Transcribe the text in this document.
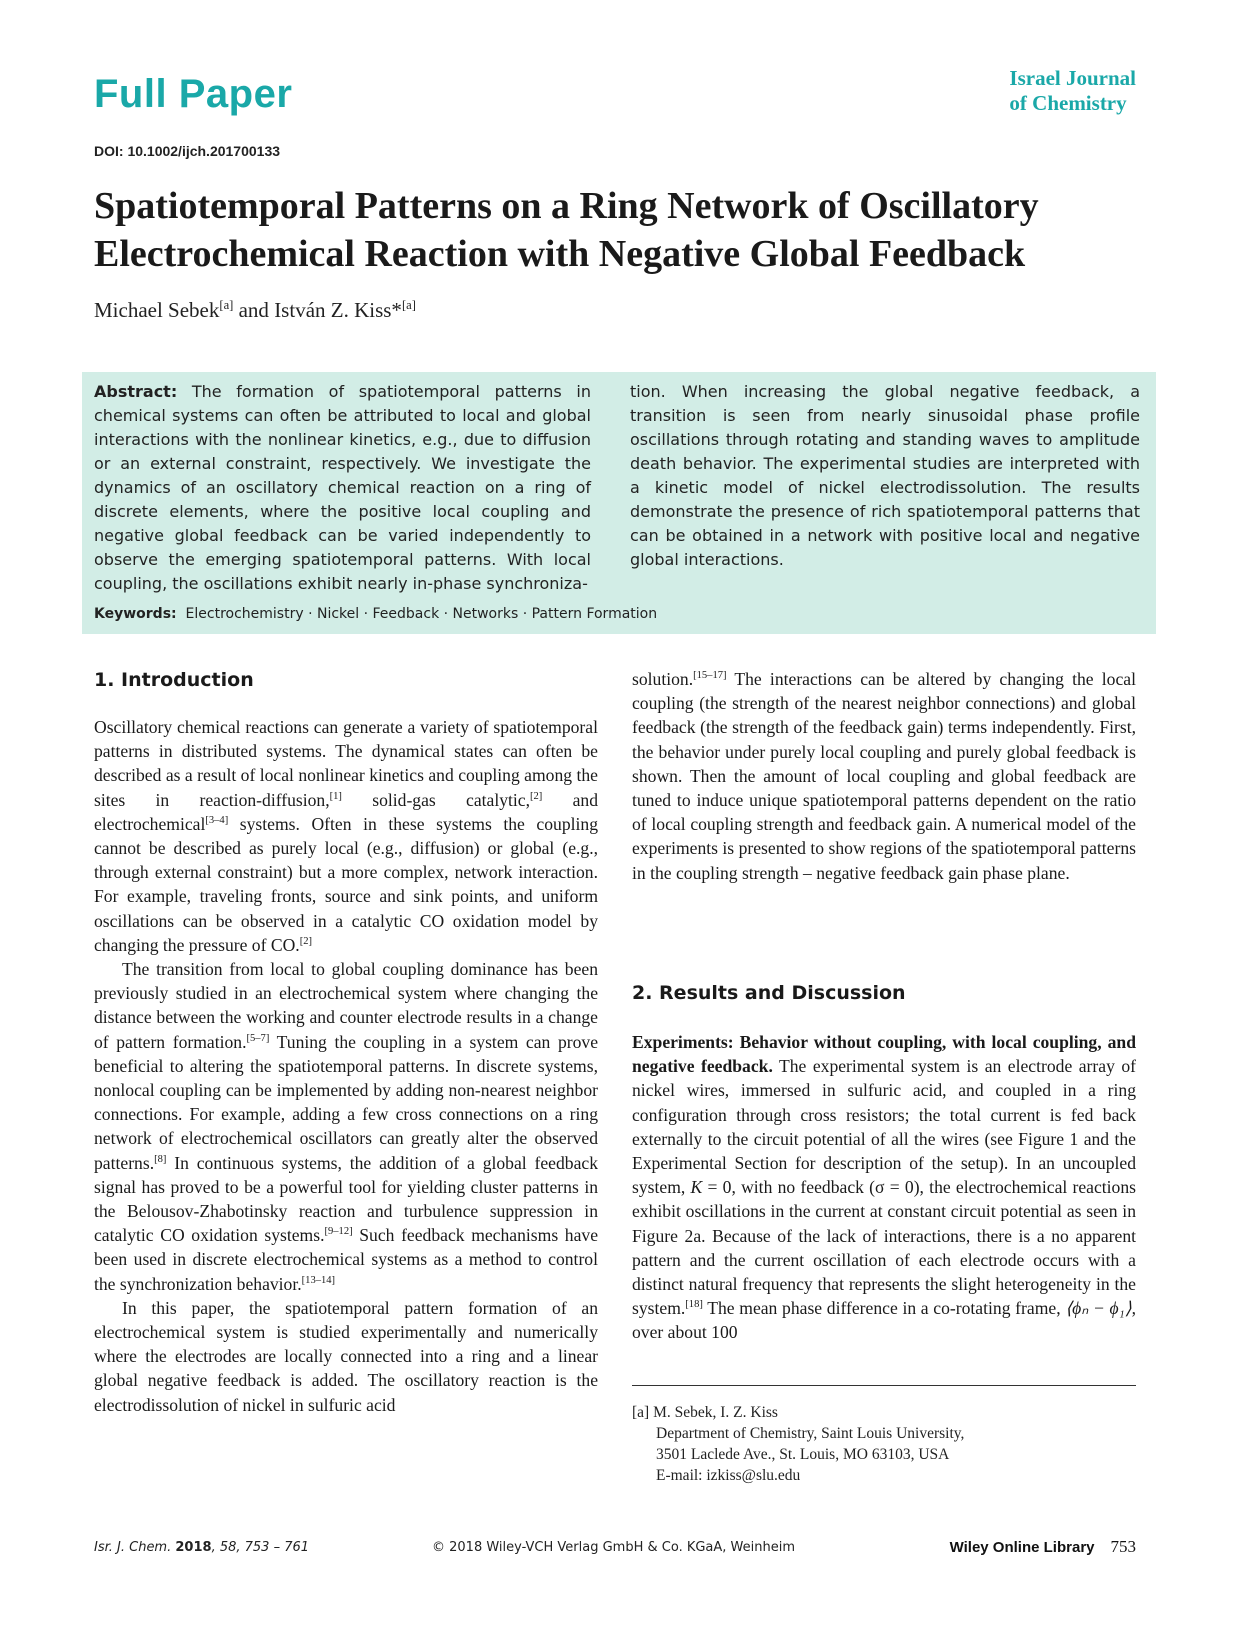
Full Paper	Israel Journal
of Chemistry
DOI: 10.1002/ijch.201700133
Spatiotemporal Patterns on a Ring Network of Oscillatory Electrochemical Reaction with Negative Global Feedback
Michael Sebek[a] and István Z. Kiss*[a]
Abstract: The formation of spatiotemporal patterns in chemical systems can often be attributed to local and global interactions with the nonlinear kinetics, e.g., due to diffusion or an external constraint, respectively. We investigate the dynamics of an oscillatory chemical reaction on a ring of discrete elements, where the positive local coupling and negative global feedback can be varied independently to observe the emerging spatiotemporal patterns. With local coupling, the oscillations exhibit nearly in-phase synchroniza-
tion. When increasing the global negative feedback, a transition is seen from nearly sinusoidal phase profile oscillations through rotating and standing waves to amplitude death behavior. The experimental studies are interpreted with a kinetic model of nickel electrodissolution. The results demonstrate the presence of rich spatiotemporal patterns that can be obtained in a network with positive local and negative global interactions.
Keywords: Electrochemistry · Nickel · Feedback · Networks · Pattern Formation
1. Introduction

Oscillatory chemical reactions can generate a variety of spatiotemporal patterns in distributed systems. The dynamical states can often be described as a result of local nonlinear kinetics and coupling among the sites in reaction-diffusion,[1] solid-gas catalytic,[2] and electrochemical[3–4] systems. Often in these systems the coupling cannot be described as purely local (e.g., diffusion) or global (e.g., through external constraint) but a more complex, network interaction. For example, traveling fronts, source and sink points, and uniform oscillations can be observed in a catalytic CO oxidation model by changing the pressure of CO.[2]

The transition from local to global coupling dominance has been previously studied in an electrochemical system where changing the distance between the working and counter electrode results in a change of pattern formation.[5–7] Tuning the coupling in a system can prove beneficial to altering the spatiotemporal patterns. In discrete systems, nonlocal coupling can be implemented by adding non-nearest neighbor connections. For example, adding a few cross connections on a ring network of electrochemical oscillators can greatly alter the observed patterns.[8] In continuous systems, the addition of a global feedback signal has proved to be a powerful tool for yielding cluster patterns in the Belousov-Zhabotinsky reaction and turbulence suppression in catalytic CO oxidation systems.[9–12] Such feedback mechanisms have been used in discrete electrochemical systems as a method to control the synchronization behavior.[13–14]

In this paper, the spatiotemporal pattern formation of an electrochemical system is studied experimentally and numerically where the electrodes are locally connected into a ring and a linear global negative feedback is added. The oscillatory reaction is the electrodissolution of nickel in sulfuric acid

solution.[15–17] The interactions can be altered by changing the local coupling (the strength of the nearest neighbor connections) and global feedback (the strength of the feedback gain) terms independently. First, the behavior under purely local coupling and purely global feedback is shown. Then the amount of local coupling and global feedback are tuned to induce unique spatiotemporal patterns dependent on the ratio of local coupling strength and feedback gain. A numerical model of the experiments is presented to show regions of the spatiotemporal patterns in the coupling strength – negative feedback gain phase plane.

2. Results and Discussion

Experiments: Behavior without coupling, with local coupling, and negative feedback. The experimental system is an electrode array of nickel wires, immersed in sulfuric acid, and coupled in a ring configuration through cross resistors; the total current is fed back externally to the circuit potential of all the wires (see Figure 1 and the Experimental Section for description of the setup). In an uncoupled system, K = 0, with no feedback (σ = 0), the electrochemical reactions exhibit oscillations in the current at constant circuit potential as seen in Figure 2a. Because of the lack of interactions, there is a no apparent pattern and the current oscillation of each electrode occurs with a distinct natural frequency that represents the slight heterogeneity in the system.[18] The mean phase difference in a co-rotating frame, ⟨ϕₙ − ϕ₁⟩, over about 100

[a] M. Sebek, I. Z. Kiss
Department of Chemistry, Saint Louis University,
3501 Laclede Ave., St. Louis, MO 63103, USA
E-mail: izkiss@slu.edu
Isr. J. Chem. 2018, 58, 753 – 761	© 2018 Wiley-VCH Verlag GmbH & Co. KGaA, Weinheim	Wiley Online Library 753
